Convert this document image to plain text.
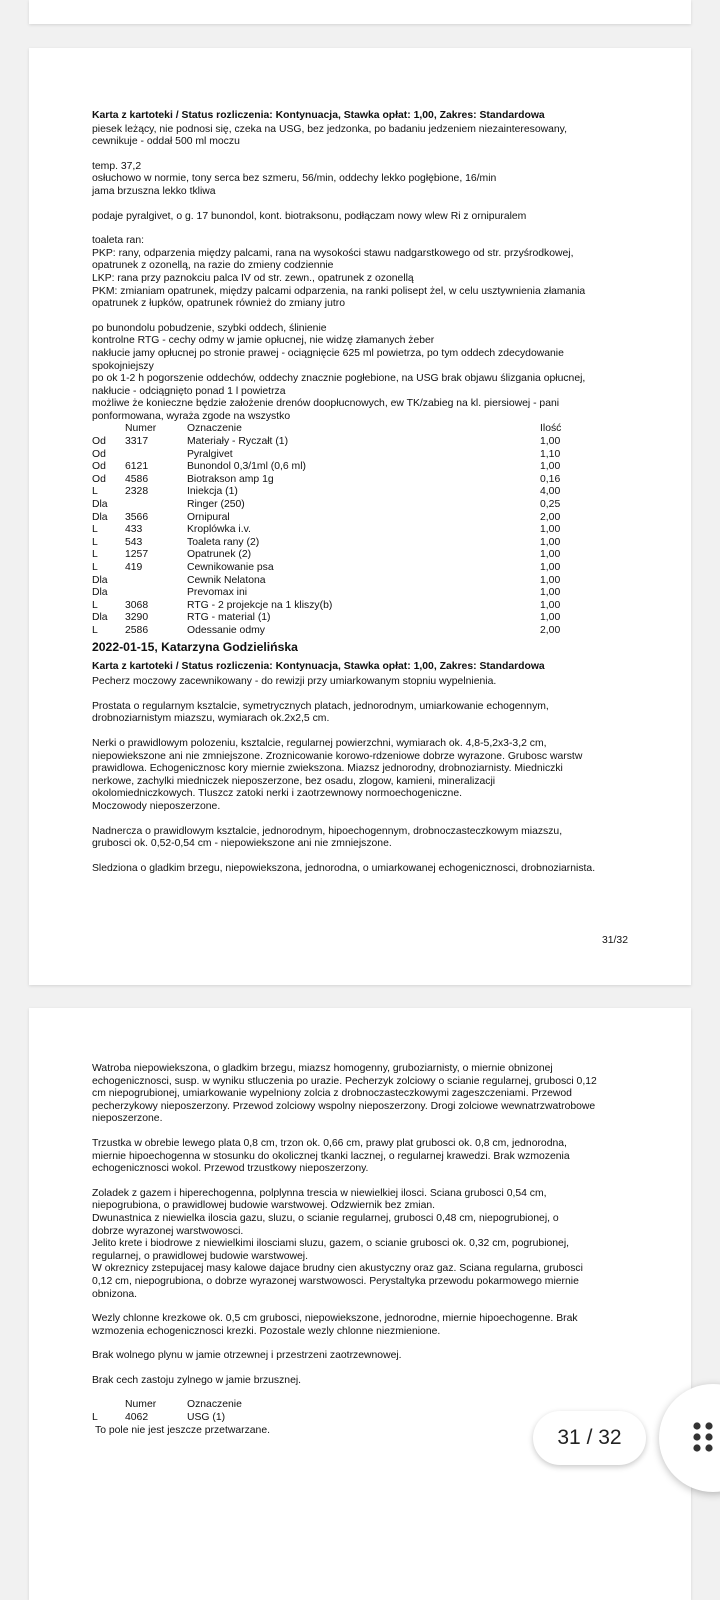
Karta z kartoteki / Status rozliczenia: Kontynuacja, Stawka opłat: 1,00, Zakres: Standardowa

piesek leżący, nie podnosi się, czeka na USG, bez jedzonka, po badaniu jedzeniem niezainteresowany,
cewnikuje - oddał 500 ml moczu

temp. 37,2
osłuchowo w normie, tony serca bez szmeru, 56/min, oddechy lekko pogłębione, 16/min
jama brzuszna lekko tkliwa

podaje pyralgivet, o g. 17 bunondol, kont. biotraksonu, podłączam nowy wlew Ri z ornipuralem

toaleta ran:
PKP: rany, odparzenia między palcami, rana na wysokości stawu nadgarstkowego od str. przyśrodkowej,
opatrunek z ozonellą, na razie do zmieny codziennie
LKP: rana przy paznokciu palca IV od str. zewn., opatrunek z ozonellą
PKM: zmianiam opatrunek, między palcami odparzenia, na ranki polisept żel, w celu usztywnienia złamania
opatrunek z łupków, opatrunek również do zmiany jutro

po bunondolu pobudzenie, szybki oddech, ślinienie
kontrolne RTG - cechy odmy w jamie opłucnej, nie widzę złamanych żeber
nakłucie jamy opłucnej po stronie prawej - ociągnięcie 625 ml powietrza, po tym oddech zdecydowanie
spokojniejszy
po ok 1-2 h pogorszenie oddechów, oddechy znacznie pogłebione, na USG brak objawu ślizgania opłucnej,
nakłucie - odciągnięto ponad 1 l powietrza
możliwe że konieczne będzie założenie drenów doopłucnowych, ew TK/zabieg na kl. piersiowej - pani
ponformowana, wyraża zgode na wszystko

	Numer	Oznaczenie	Ilość
Od	3317	Materiały - Ryczałt (1)	1,00
Od		Pyralgivet	1,10
Od	6121	Bunondol 0,3/1ml (0,6 ml)	1,00
Od	4586	Biotrakson amp 1g	0,16
L	2328	Iniekcja (1)	4,00
Dla		Ringer (250)	0,25
Dla	3566	Ornipural	2,00
L	433	Kroplówka i.v.	1,00
L	543	Toaleta rany (2)	1,00
L	1257	Opatrunek (2)	1,00
L	419	Cewnikowanie psa	1,00
Dla		Cewnik Nelatona	1,00
Dla		Prevomax ini	1,00
L	3068	RTG - 2 projekcje na 1 kliszy(b)	1,00
Dla	3290	RTG - material (1)	1,00
L	2586	Odessanie odmy	2,00
2022-01-15, Katarzyna Godzielińska
Karta z kartoteki / Status rozliczenia: Kontynuacja, Stawka opłat: 1,00, Zakres: Standardowa

Pecherz moczowy zacewnikowany - do rewizji przy umiarkowanym stopniu wypelnienia.

Prostata o regularnym ksztalcie, symetrycznych platach, jednorodnym, umiarkowanie echogennym,
drobnoziarnistym miazszu, wymiarach ok.2x2,5 cm.

Nerki o prawidlowym polozeniu, ksztalcie, regularnej powierzchni, wymiarach ok. 4,8-5,2x3-3,2 cm,
niepowiekszone ani nie zmniejszone. Zroznicowanie korowo-rdzeniowe dobrze wyrazone. Grubosc warstw
prawidlowa. Echogenicznosc kory miernie zwiekszona. Miazsz jednorodny, drobnoziarnisty. Miedniczki
nerkowe, zachylki miedniczek nieposzerzone, bez osadu, zlogow, kamieni, mineralizacji
okolomiedniczkowych. Tluszcz zatoki nerki i zaotrzewnowy normoechogeniczne.
Moczowody nieposzerzone.

Nadnercza o prawidlowym ksztalcie, jednorodnym, hipoechogennym, drobnoczasteczkowym miazszu,
grubosci ok. 0,52-0,54 cm - niepowiekszone ani nie zmniejszone.

Sledziona o gladkim brzegu, niepowiekszona, jednorodna, o umiarkowanej echogenicznosci, drobnoziarnista.

31/32

Watroba niepowiekszona, o gladkim brzegu, miazsz homogenny, gruboziarnisty, o miernie obnizonej
echogenicznosci, susp. w wyniku stluczenia po urazie. Pecherzyk zolciowy o scianie regularnej, grubosci 0,12
cm niepogrubionej, umiarkowanie wypelniony zolcia z drobnoczasteczkowymi zageszczeniami. Przewod
pecherzykowy nieposzerzony. Przewod zolciowy wspolny nieposzerzony. Drogi zolciowe wewnatrzwatrobowe
nieposzerzone.

Trzustka w obrebie lewego plata 0,8 cm, trzon ok. 0,66 cm, prawy plat grubosci ok. 0,8 cm, jednorodna,
miernie hipoechogenna w stosunku do okolicznej tkanki lacznej, o regularnej krawedzi. Brak wzmozenia
echogenicznosci wokol. Przewod trzustkowy nieposzerzony.

Zoladek z gazem i hiperechogenna, polplynna trescia w niewielkiej ilosci. Sciana grubosci 0,54 cm,
niepogrubiona, o prawidlowej budowie warstwowej. Odzwiernik bez zmian.
Dwunastnica z niewielka iloscia gazu, sluzu, o scianie regularnej, grubosci 0,48 cm, niepogrubionej, o
dobrze wyrazonej warstwowosci.
Jelito krete i biodrowe z niewielkimi ilosciami sluzu, gazem, o scianie grubosci ok. 0,32 cm, pogrubionej,
regularnej, o prawidlowej budowie warstwowej.
W okreznicy zstepujacej masy kalowe dajace brudny cien akustyczny oraz gaz. Sciana regularna, grubosci
0,12 cm, niepogrubiona, o dobrze wyrazonej warstwowosci. Perystaltyka przewodu pokarmowego miernie
obnizona.

Wezly chlonne krezkowe ok. 0,5 cm grubosci, niepowiekszone, jednorodne, miernie hipoechogenne. Brak
wzmozenia echogenicznosci krezki. Pozostale wezly chlonne niezmienione.

Brak wolnego plynu w jamie otrzewnej i przestrzeni zaotrzewnowej.

Brak cech zastoju zylnego w jamie brzusznej.

	Numer	Oznaczenie
L	4062	USG (1)
To pole nie jest jeszcze przetwarzane.	31 / 32
